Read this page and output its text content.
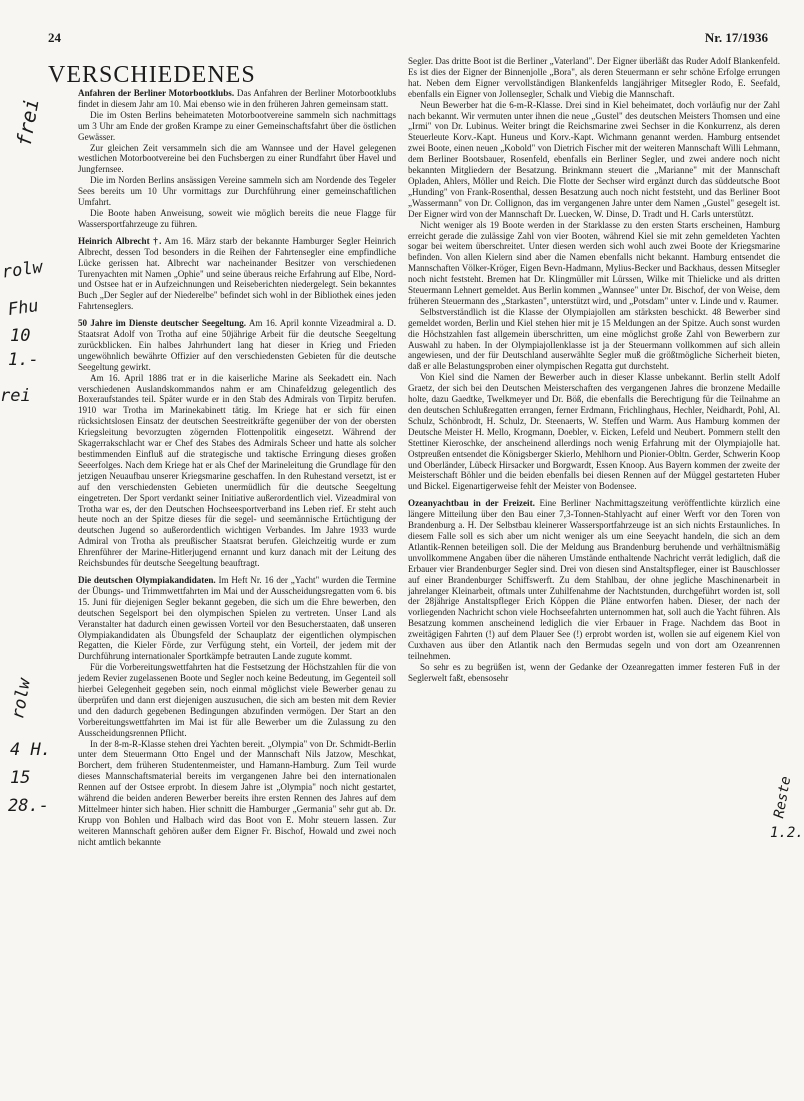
24	Nr. 17/1936
VERSCHIEDENES
frei
rolw
Fhu
10
1.-
rei
rolw
4 H.
15
28.-	Reste
1.2.

Anfahren der Berliner Motorbootklubs. Das Anfahren der Berliner Motorbootklubs findet in diesem Jahr am 10. Mai ebenso wie in den früheren Jahren gemeinsam statt.

Die im Osten Berlins beheimateten Motorbootvereine sammeln sich nachmittags um 3 Uhr am Ende der großen Krampe zu einer Gemeinschaftsfahrt über die östlichen Gewässer.

Zur gleichen Zeit versammeln sich die am Wannsee und der Havel gelegenen westlichen Motorbootvereine bei den Fuchsbergen zu einer Rundfahrt über Havel und Jungfernsee.

Die im Norden Berlins ansässigen Vereine sammeln sich am Nordende des Tegeler Sees bereits um 10 Uhr vormittags zur Durchführung einer gemeinschaftlichen Umfahrt.

Die Boote haben Anweisung, soweit wie möglich bereits die neue Flagge für Wassersportfahrzeuge zu führen.

Heinrich Albrecht †. Am 16. März starb der bekannte Hamburger Segler Heinrich Albrecht, dessen Tod besonders in die Reihen der Fahrtensegler eine empfindliche Lücke gerissen hat. Albrecht war nacheinander Besitzer von verschiedenen Turenyachten mit Namen „Ophie" und seine überaus reiche Erfahrung auf Elbe, Nord- und Ostsee hat er in Aufzeichnungen und Reiseberichten niedergelegt. Sein bekanntes Buch „Der Segler auf der Niederelbe" befindet sich wohl in der Bibliothek eines jeden Fahrtenseglers.

50 Jahre im Dienste deutscher Seegeltung. Am 16. April konnte Vizeadmiral a. D. Staatsrat Adolf von Trotha auf eine 50jährige Arbeit für die deutsche Seegeltung zurückblicken. Ein halbes Jahrhundert lang hat dieser in Krieg und Frieden ungewöhnlich bewährte Offizier auf den verschiedensten Gebieten für die deutsche Seegeltung gewirkt.

Am 16. April 1886 trat er in die kaiserliche Marine als Seekadett ein. Nach verschiedenen Auslandskommandos nahm er am Chinafeldzug gelegentlich des Boxeraufstandes teil. Später wurde er in den Stab des Admirals von Tirpitz berufen. 1910 war Trotha im Marinekabinett tätig. Im Kriege hat er sich für einen rücksichtslosen Einsatz der deutschen Seestreitkräfte gegenüber der von der obersten Kriegsleitung bevorzugten zögernden Flottenpolitik eingesetzt. Während der Skagerrakschlacht war er Chef des Stabes des Admirals Scheer und hatte als solcher bestimmenden Einfluß auf die strategische und taktische Erringung dieses großen Seeerfolges. Nach dem Kriege hat er als Chef der Marineleitung die Grundlage für den jetzigen Neuaufbau unserer Kriegsmarine geschaffen. In den Ruhestand versetzt, ist er auf den verschiedensten Gebieten unermüdlich für die deutsche Seegeltung eingetreten. Der Sport verdankt seiner Initiative außerordentlich viel. Vizeadmiral von Trotha war es, der den Deutschen Hochseesportverband ins Leben rief. Er steht auch heute noch an der Spitze dieses für die segel- und seemännische Ertüchtigung der deutschen Jugend so außerordentlich wichtigen Verbandes. Im Jahre 1933 wurde Admiral von Trotha als preußischer Staatsrat berufen. Gleichzeitig wurde er zum Ehrenführer der Marine-Hitlerjugend ernannt und kurz danach mit der Leitung des Reichsbundes für deutsche Seegeltung beauftragt.

Die deutschen Olympiakandidaten. Im Heft Nr. 16 der „Yacht" wurden die Termine der Übungs- und Trimmwettfahrten im Mai und der Ausscheidungsregatten vom 6. bis 15. Juni für diejenigen Segler bekannt gegeben, die sich um die Ehre bewerben, den deutschen Segelsport bei den olympischen Spielen zu vertreten. Unser Land als Veranstalter hat dadurch einen gewissen Vorteil vor den Besucherstaaten, daß unseren Olympiakandidaten als Übungsfeld der Schauplatz der eigentlichen olympischen Regatten, die Kieler Förde, zur Verfügung steht, ein Vorteil, der jedem mit der Durchführung internationaler Sportkämpfe betrauten Lande zugute kommt.

Für die Vorbereitungswettfahrten hat die Festsetzung der Höchstzahlen für die von jedem Revier zugelassenen Boote und Segler noch keine Bedeutung, im Gegenteil soll hierbei Gelegenheit gegeben sein, noch einmal möglichst viele Bewerber genau zu überprüfen und dann erst diejenigen auszusuchen, die sich am besten mit dem Revier und den dadurch gegebenen Bedingungen abzufinden vermögen. Der Start an den Vorbereitungswettfahrten im Mai ist für alle Bewerber um die Zulassung zu den Ausscheidungsrennen Pflicht.

In der 8-m-R-Klasse stehen drei Yachten bereit. „Olympia" von Dr. Schmidt-Berlin unter dem Steuermann Otto Engel und der Mannschaft Nils Jatzow, Meschkat, Borchert, dem früheren Studentenmeister, und Hamann-Hamburg. Zum Teil wurde dieses Mannschaftsmaterial bereits im vergangenen Jahre bei den internationalen Rennen auf der Ostsee erprobt. In diesem Jahre ist „Olympia" noch nicht gestartet, während die beiden anderen Bewerber bereits ihre ersten Rennen des Jahres auf dem Mittelmeer hinter sich haben. Hier schnitt die Hamburger „Germania" sehr gut ab. Dr. Krupp von Bohlen und Halbach wird das Boot von E. Mohr steuern lassen. Zur weiteren Mannschaft gehören außer dem Eigner Fr. Bischof, Howald und zwei noch nicht amtlich bekannte

Segler. Das dritte Boot ist die Berliner „Vaterland". Der Eigner überläßt das Ruder Adolf Blankenfeld. Es ist dies der Eigner der Binnenjolle „Bora", als deren Steuermann er sehr schöne Erfolge errungen hat. Neben dem Eigner vervollständigen Blankenfelds langjähriger Mitsegler Rodo, E. Seefald, ebenfalls ein Eigner von Jollensegler, Schalk und Viebig die Mannschaft.

Neun Bewerber hat die 6-m-R-Klasse. Drei sind in Kiel beheimatet, doch vorläufig nur der Zahl nach bekannt. Wir vermuten unter ihnen die neue „Gustel" des deutschen Meisters Thomsen und eine „Irmi" von Dr. Lubinus. Weiter bringt die Reichsmarine zwei Sechser in die Konkurrenz, als deren Steuerleute Korv.-Kapt. Huneus und Korv.-Kapt. Wichmann genannt werden. Hamburg entsendet zwei Boote, einen neuen „Kobold" von Dietrich Fischer mit der weiteren Mannschaft Willi Lehmann, dem Berliner Bootsbauer, Rosenfeld, ebenfalls ein Berliner Segler, und zwei andere noch nicht bekannten Mitgliedern der Besatzung. Brinkmann steuert die „Marianne" mit der Mannschaft Opladen, Ahlers, Möller und Reich. Die Flotte der Sechser wird ergänzt durch das süddeutsche Boot „Hunding" von Frank-Rosenthal, dessen Besatzung auch noch nicht feststeht, und das Berliner Boot „Wassermann" von Dr. Collignon, das im vergangenen Jahre unter dem Namen „Gustel" gesegelt ist. Der Eigner wird von der Mannschaft Dr. Luecken, W. Dinse, D. Tradt und H. Carls unterstützt.

Nicht weniger als 19 Boote werden in der Starklasse zu den ersten Starts erscheinen, Hamburg erreicht gerade die zulässige Zahl von vier Booten, während Kiel sie mit zehn gemeldeten Yachten sogar bei weitem überschreitet. Unter diesen werden sich wohl auch zwei Boote der Kriegsmarine befinden. Von allen Kielern sind aber die Namen ebenfalls nicht bekannt. Hamburg entsendet die Mannschaften Völker-Kröger, Eigen Bevn-Hadmann, Mylius-Becker und Backhaus, dessen Mitsegler noch nicht feststeht. Bremen hat Dr. Klingmüller mit Lürssen, Wilke mit Thielicke und als dritten Steuermann Lehnert gemeldet. Aus Berlin kommen „Wannsee" unter Dr. Bischof, der von Weise, dem früheren Steuermann des „Starkasten", unterstützt wird, und „Potsdam" unter v. Linde und v. Raumer.

Selbstverständlich ist die Klasse der Olympiajollen am stärksten beschickt. 48 Bewerber sind gemeldet worden, Berlin und Kiel stehen hier mit je 15 Meldungen an der Spitze. Auch sonst wurden die Höchstzahlen fast allgemein überschritten, um eine möglichst große Zahl von Bewerbern zur Auswahl zu haben. In der Olympiajollenklasse ist ja der Steuermann vollkommen auf sich allein angewiesen, und der für Deutschland auserwählte Segler muß die größtmögliche Sicherheit bieten, daß er alle Belastungsproben einer olympischen Regatta gut durchsteht.

Von Kiel sind die Namen der Bewerber auch in dieser Klasse unbekannt. Berlin stellt Adolf Graetz, der sich bei den Deutschen Meisterschaften des vergangenen Jahres die bronzene Medaille holte, dazu Gaedtke, Twelkmeyer und Dr. Böß, die ebenfalls die Berechtigung für die Teilnahme an den deutschen Schlußregatten errangen, ferner Erdmann, Frichlinghaus, Hechler, Neidhardt, Pohl, Al. Schulz, Schönbrodt, H. Schulz, Dr. Steenaerts, W. Steffen und Warm. Aus Hamburg kommen der Deutsche Meister H. Mello, Krogmann, Doebler, v. Eicken, Lefeld und Neubert. Pommern stellt den Stettiner Kieroschke, der anscheinend allerdings noch wenig Erfahrung mit der Olympiajolle hat. Ostpreußen entsendet die Königsberger Skierlo, Mehlhorn und Pionier-Obltn. Gerder, Schwerin Koop und Oberländer, Lübeck Hirsacker und Borgwardt, Essen Knoop. Aus Bayern kommen der zweite der Meisterschaft Böhler und die beiden ebenfalls bei diesen Rennen auf der Müggel gestarteten Huber und Bickel. Eigenartigerweise fehlt der Meister von Bodensee.

Ozeanyachtbau in der Freizeit. Eine Berliner Nachmittagszeitung veröffentlichte kürzlich eine längere Mitteilung über den Bau einer 7,3-Tonnen-Stahlyacht auf einer Werft vor den Toren von Brandenburg a. H. Der Selbstbau kleinerer Wassersportfahrzeuge ist an sich nichts Erstaunliches. In diesem Falle soll es sich aber um nicht weniger als um eine Seeyacht handeln, die sich an dem Atlantik-Rennen beteiligen soll. Die der Meldung aus Brandenburg beruhende und verhältnismäßig unvollkommene Angaben über die näheren Umstände enthaltende Nachricht verrät lediglich, daß die Erbauer vier Brandenburger Segler sind. Drei von diesen sind Anstaltspfleger, einer ist Bauschlosser auf einer Brandenburger Schiffswerft. Zu dem Stahlbau, der ohne jegliche Maschinenarbeit in jahrelanger Kleinarbeit, oftmals unter Zuhilfenahme der Nachtstunden, durchgeführt worden ist, soll der 28jährige Anstaltspfleger Erich Köppen die Pläne entworfen haben. Dieser, der nach der vorliegenden Nachricht schon viele Hochseefahrten unternommen hat, soll auch die Yacht führen. Als Besatzung kommen anscheinend lediglich die vier Erbauer in Frage. Nachdem das Boot in zweitägigen Fahrten (!) auf dem Plauer See (!) erprobt worden ist, wollen sie auf eigenem Kiel von Cuxhaven aus über den Atlantik nach den Bermudas segeln und von dort am Ozeanrennen teilnehmen.

So sehr es zu begrüßen ist, wenn der Gedanke der Ozeanregatten immer festeren Fuß in der Seglerwelt faßt, ebensosehr
